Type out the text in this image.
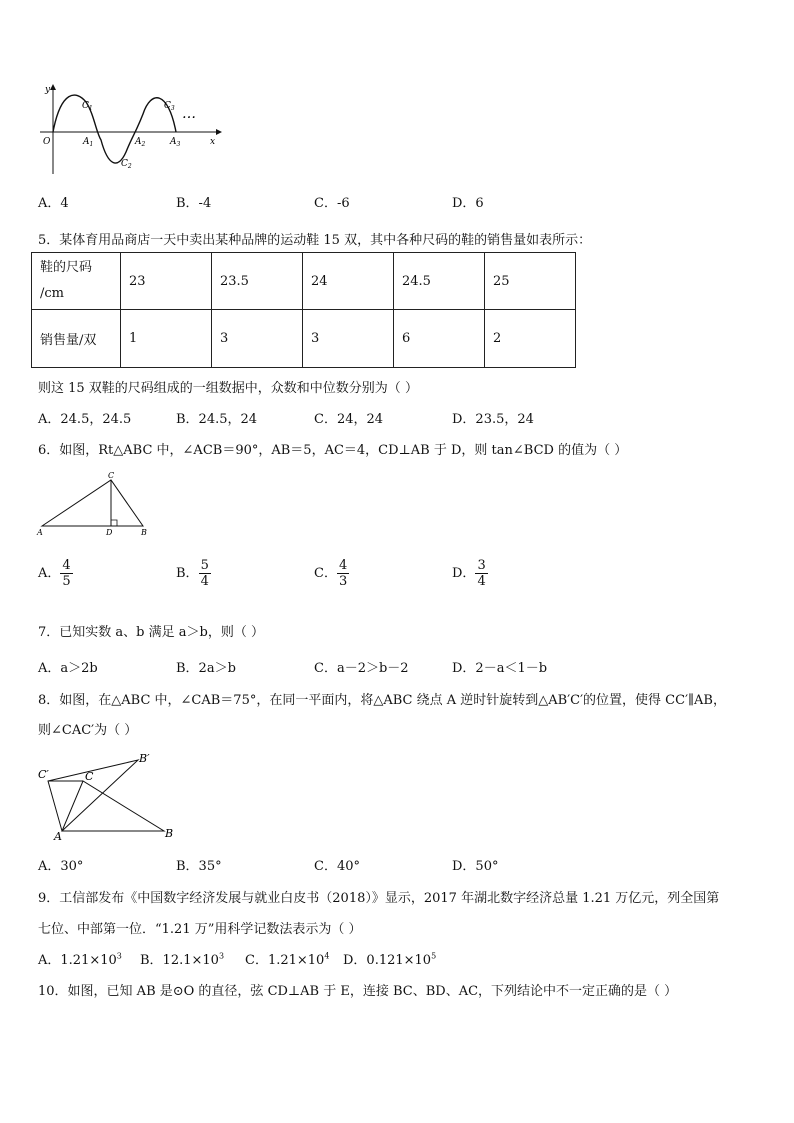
y
x
O
$C_1$
$C_2$
$C_3$
$A_1$	$A_2$	$A_3$
…
A．4	B．-4	C．-6	D．6
5．某体育用品商店一天中卖出某种品牌的运动鞋 15 双，其中各种尺码的鞋的销售量如表所示：
鞋的尺码
/cm	23	23.5	24	24.5	25
销售量/双	1	3	3	6	2
则这 15 双鞋的尺码组成的一组数据中，众数和中位数分别为（ ）
A．24.5，24.5	B．24.5，24	C．24，24	D．23.5，24
6．如图，Rt△ABC 中，∠ACB＝90°，AB＝5，AC＝4，CD⊥AB 于 D，则 tan∠BCD 的值为（ ）
A	B
C
D
A． $\frac{4}{5}$	B． $\frac{5}{4}$	C． $\frac{4}{3}$	D． $\frac{3}{4}$
7．已知实数 a、b 满足 a＞b，则（ ）
A．a＞2b	B．2a＞b	C．a－2＞b－2	D．2－a＜1－b
8．如图，在△ABC 中，∠CAB＝75°，在同一平面内，将△ABC 绕点 A 逆时针旋转到△AB′C′的位置，使得 CC′∥AB，
则∠CAC′为（ ）
A	B
C
C′
B′
A．30°	B．35°	C．40°	D．50°
9．工信部发布《中国数字经济发展与就业白皮书（2018）》显示，2017 年湖北数字经济总量 1.21 万亿元，列全国第
七位、中部第一位．“1.21 万”用科学记数法表示为（ ）
A．$1.21\times 10^3$ B．$12.1\times 10^3$ C．$1.21\times 10^4$ D．$0.121\times 10^5$
10．如图，已知 AB 是⊙O 的直径，弦 CD⊥AB 于 E，连接 BC、BD、AC，下列结论中不一定正确的是（ ）
